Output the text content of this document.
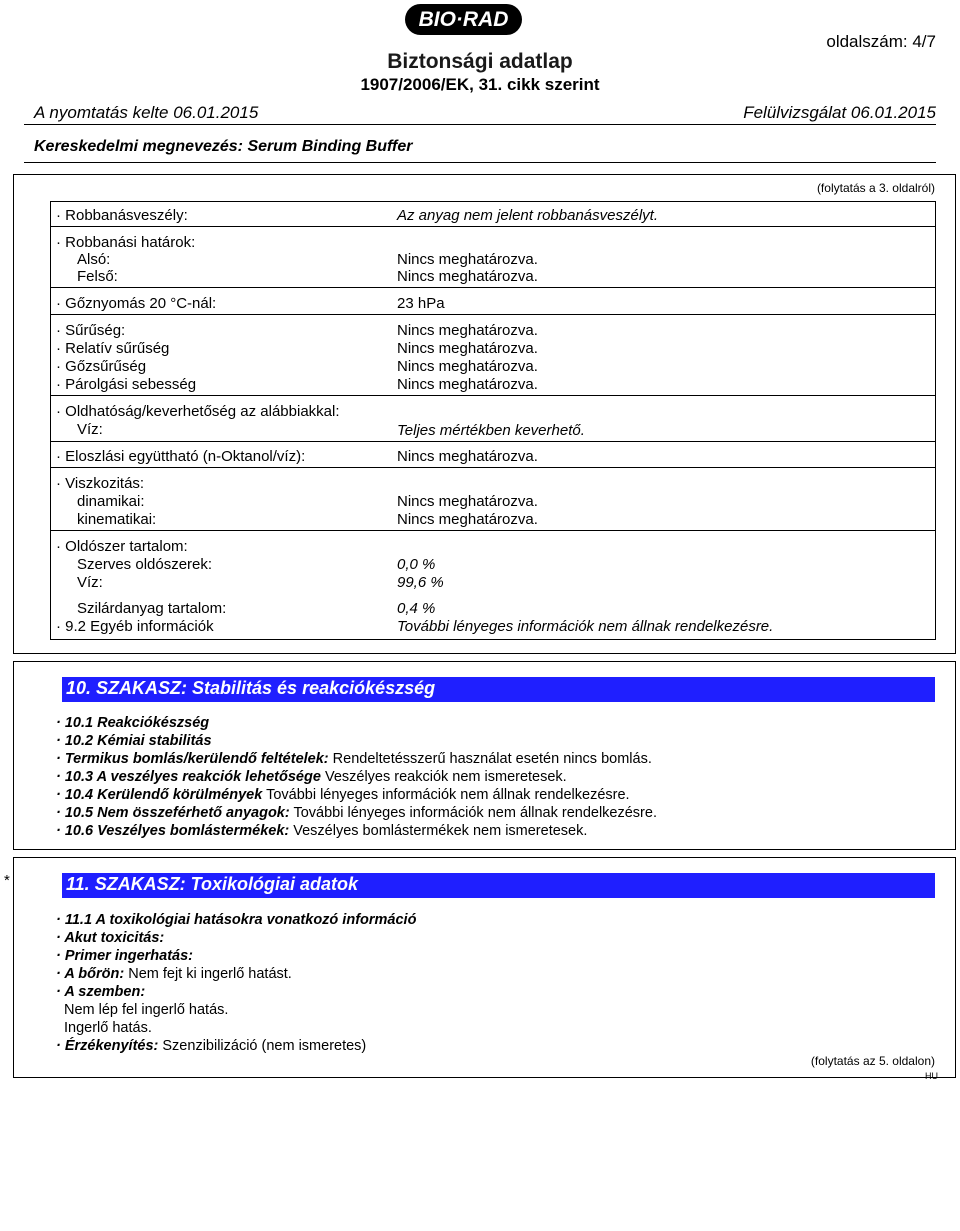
BIO·RAD
oldalszám: 4/7
Biztonsági adatlap
1907/2006/EK, 31. cikk szerint
A nyomtatás kelte 06.01.2015	Felülvizsgálat 06.01.2015
Kereskedelmi megnevezés: Serum Binding Buffer
(folytatás a 3. oldalról)
· Robbanásveszély:	Az anyag nem jelent robbanásveszélyt.
· Robbanási határok:
Alsó:	Nincs meghatározva.
Felső:	Nincs meghatározva.
· Gőznyomás 20 °C-nál:	23 hPa
· Sűrűség:	Nincs meghatározva.
· Relatív sűrűség	Nincs meghatározva.
· Gőzsűrűség	Nincs meghatározva.
· Párolgási sebesség	Nincs meghatározva.
· Oldhatóság/keverhetőség az alábbiakkal:
Víz:	Teljes mértékben keverhető.
· Eloszlási együttható (n-Oktanol/víz):	Nincs meghatározva.
· Viszkozitás:
dinamikai:	Nincs meghatározva.
kinematikai:	Nincs meghatározva.
· Oldószer tartalom:
Szerves oldószerek:	0,0 %
Víz:	99,6 %
Szilárdanyag tartalom:	0,4 %
· 9.2 Egyéb információk	További lényeges információk nem állnak rendelkezésre.
10. SZAKASZ: Stabilitás és reakciókészség
· 10.1 Reakciókészség
· 10.2 Kémiai stabilitás
· Termikus bomlás/kerülendő feltételek: Rendeltetésszerű használat esetén nincs bomlás.
· 10.3 A veszélyes reakciók lehetősége Veszélyes reakciók nem ismeretesek.
· 10.4 Kerülendő körülmények További lényeges információk nem állnak rendelkezésre.
· 10.5 Nem összeférhető anyagok: További lényeges információk nem állnak rendelkezésre.
· 10.6 Veszélyes bomlástermékek: Veszélyes bomlástermékek nem ismeretesek.
*	11. SZAKASZ: Toxikológiai adatok
· 11.1 A toxikológiai hatásokra vonatkozó információ
· Akut toxicitás:
· Primer ingerhatás:
· A bőrön: Nem fejt ki ingerlő hatást.
· A szemben:
Nem lép fel ingerlő hatás.
Ingerlő hatás.
· Érzékenyítés: Szenzibilizáció (nem ismeretes)
(folytatás az 5. oldalon)
HU
